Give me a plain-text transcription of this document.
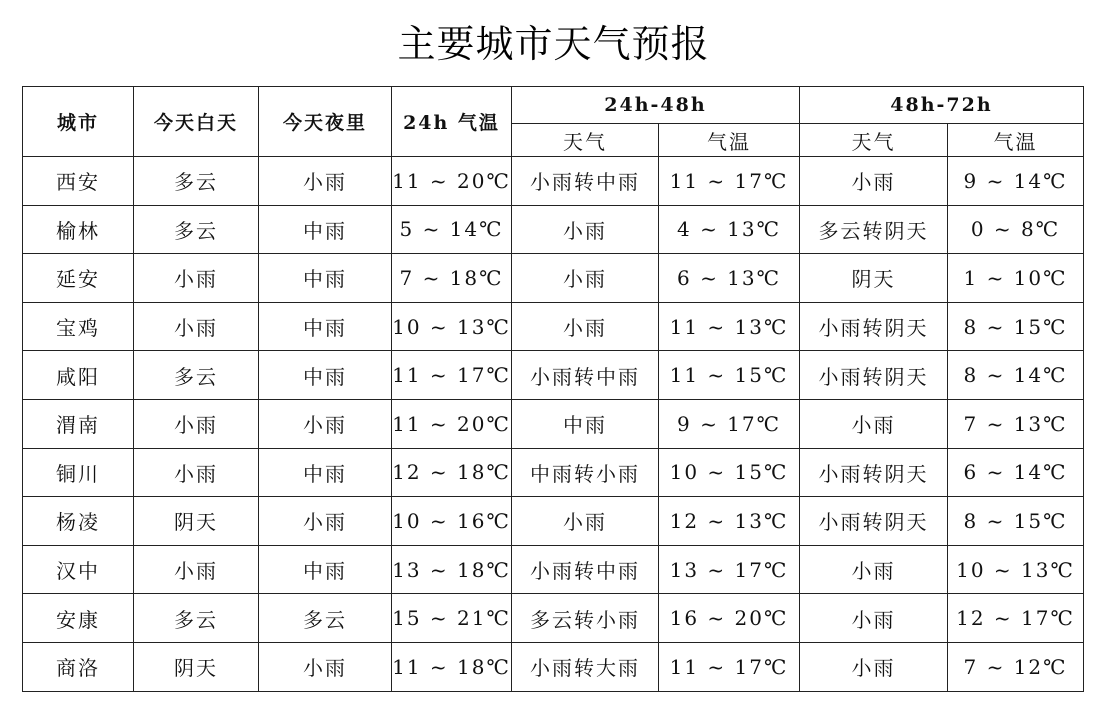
主要城市天气预报
城市	今天白天	今天夜里	24h 气温	24h-48h		48h-72h	
				天气	气温	天气	气温
西安	多云	小雨	11 ~ 20℃	小雨转中雨	11 ~ 17℃	小雨	9 ~ 14℃
榆林	多云	中雨	5 ~ 14℃	小雨	4 ~ 13℃	多云转阴天	0 ~ 8℃
延安	小雨	中雨	7 ~ 18℃	小雨	6 ~ 13℃	阴天	1 ~ 10℃
宝鸡	小雨	中雨	10 ~ 13℃	小雨	11 ~ 13℃	小雨转阴天	8 ~ 15℃
咸阳	多云	中雨	11 ~ 17℃	小雨转中雨	11 ~ 15℃	小雨转阴天	8 ~ 14℃
渭南	小雨	小雨	11 ~ 20℃	中雨	9 ~ 17℃	小雨	7 ~ 13℃
铜川	小雨	中雨	12 ~ 18℃	中雨转小雨	10 ~ 15℃	小雨转阴天	6 ~ 14℃
杨凌	阴天	小雨	10 ~ 16℃	小雨	12 ~ 13℃	小雨转阴天	8 ~ 15℃
汉中	小雨	中雨	13 ~ 18℃	小雨转中雨	13 ~ 17℃	小雨	10 ~ 13℃
安康	多云	多云	15 ~ 21℃	多云转小雨	16 ~ 20℃	小雨	12 ~ 17℃
商洛	阴天	小雨	11 ~ 18℃	小雨转大雨	11 ~ 17℃	小雨	7 ~ 12℃
